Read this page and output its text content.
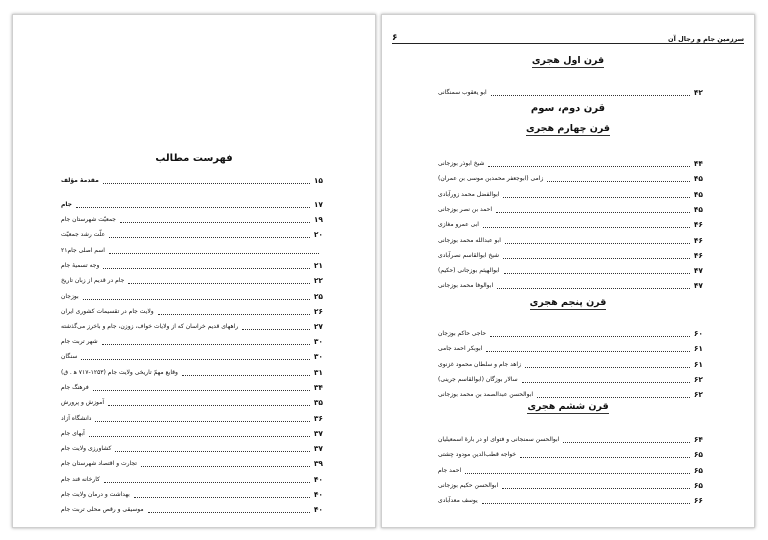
فهرست مطالب
مقدمهٔ مؤلف	۱۵
جام	۱۷
جمعیّت شهرستان جام	۱۹
علّت رشد جمعیّت	۲۰
اسم اصلی جام۲۱
وجه تسمیهٔ جام	۲۱
جام در قدیم از زبان تاریخ	۲۲
بوزجان	۲۵
ولایت جام در تقسیمات کشوری ایران	۲۶
راههای قدیم خراسان که از ولایات خواف، زوزن، جام و باخرز می‌گذشته	۲۷
شهر تربت جام	۳۰
سنگان	۳۰
وقایع مهمّ تاریخی ولایت جام (۱۲۵۳-۷۱۷ ه‍ . ق)	۳۱
فرهنگ جام	۳۴
آموزش و پرورش	۳۵
دانشگاه آزاد	۳۶
آبهای جام	۳۷
کشاورزی ولایت جام	۳۷
تجارت و اقتصاد شهرستان جام	۳۹
کارخانه قند جام	۴۰
بهداشت و درمان ولایت جام	۴۰
موسیقی و رقص محلی تربت جام	۴۰
۶	سرزمین جام و رجال آن
قرن اول هجری
ابو یعقوب سمنگانی	۴۲
قرن دوم، سوم
قرن چهارم هجری
شیخ ابوذر بوزجانی	۴۴
زامی (ابوجعفر محمدبن موسی بن عمران)	۴۵
ابوالفضل محمد زورآبادی	۴۵
احمد بن نصر بوزجانی	۴۵
ابی عمرو مغازی	۴۶
ابو عبدالله محمد بوزجانی	۴۶
شیخ ابوالقاسم نصرآبادی	۴۶
ابوالهیثم بوزجانی (حکیم)	۴۷
ابوالوفا محمد بوزجانی	۴۷
قرن پنجم هجری
حاجی حاکم بوزجان	۶۰
ابوبکر احمد جامی	۶۱
زاهد جام و سلطان محمود غزنوی	۶۱
سالار بوزگان (ابوالقاسم جرینی)	۶۲
ابوالحسن عبدالصمد بن محمد بوزجانی	۶۲
قرن ششم هجری
ابوالحسن سمنجانی و فتوای او در بارهٔ اسمعیلیان	۶۴
خواجه قطب‌الدین مودود چشتی	۶۵
احمد جام	۶۵
ابوالحسن حکیم بوزجانی	۶۵
یوسف معدآبادی	۶۶
